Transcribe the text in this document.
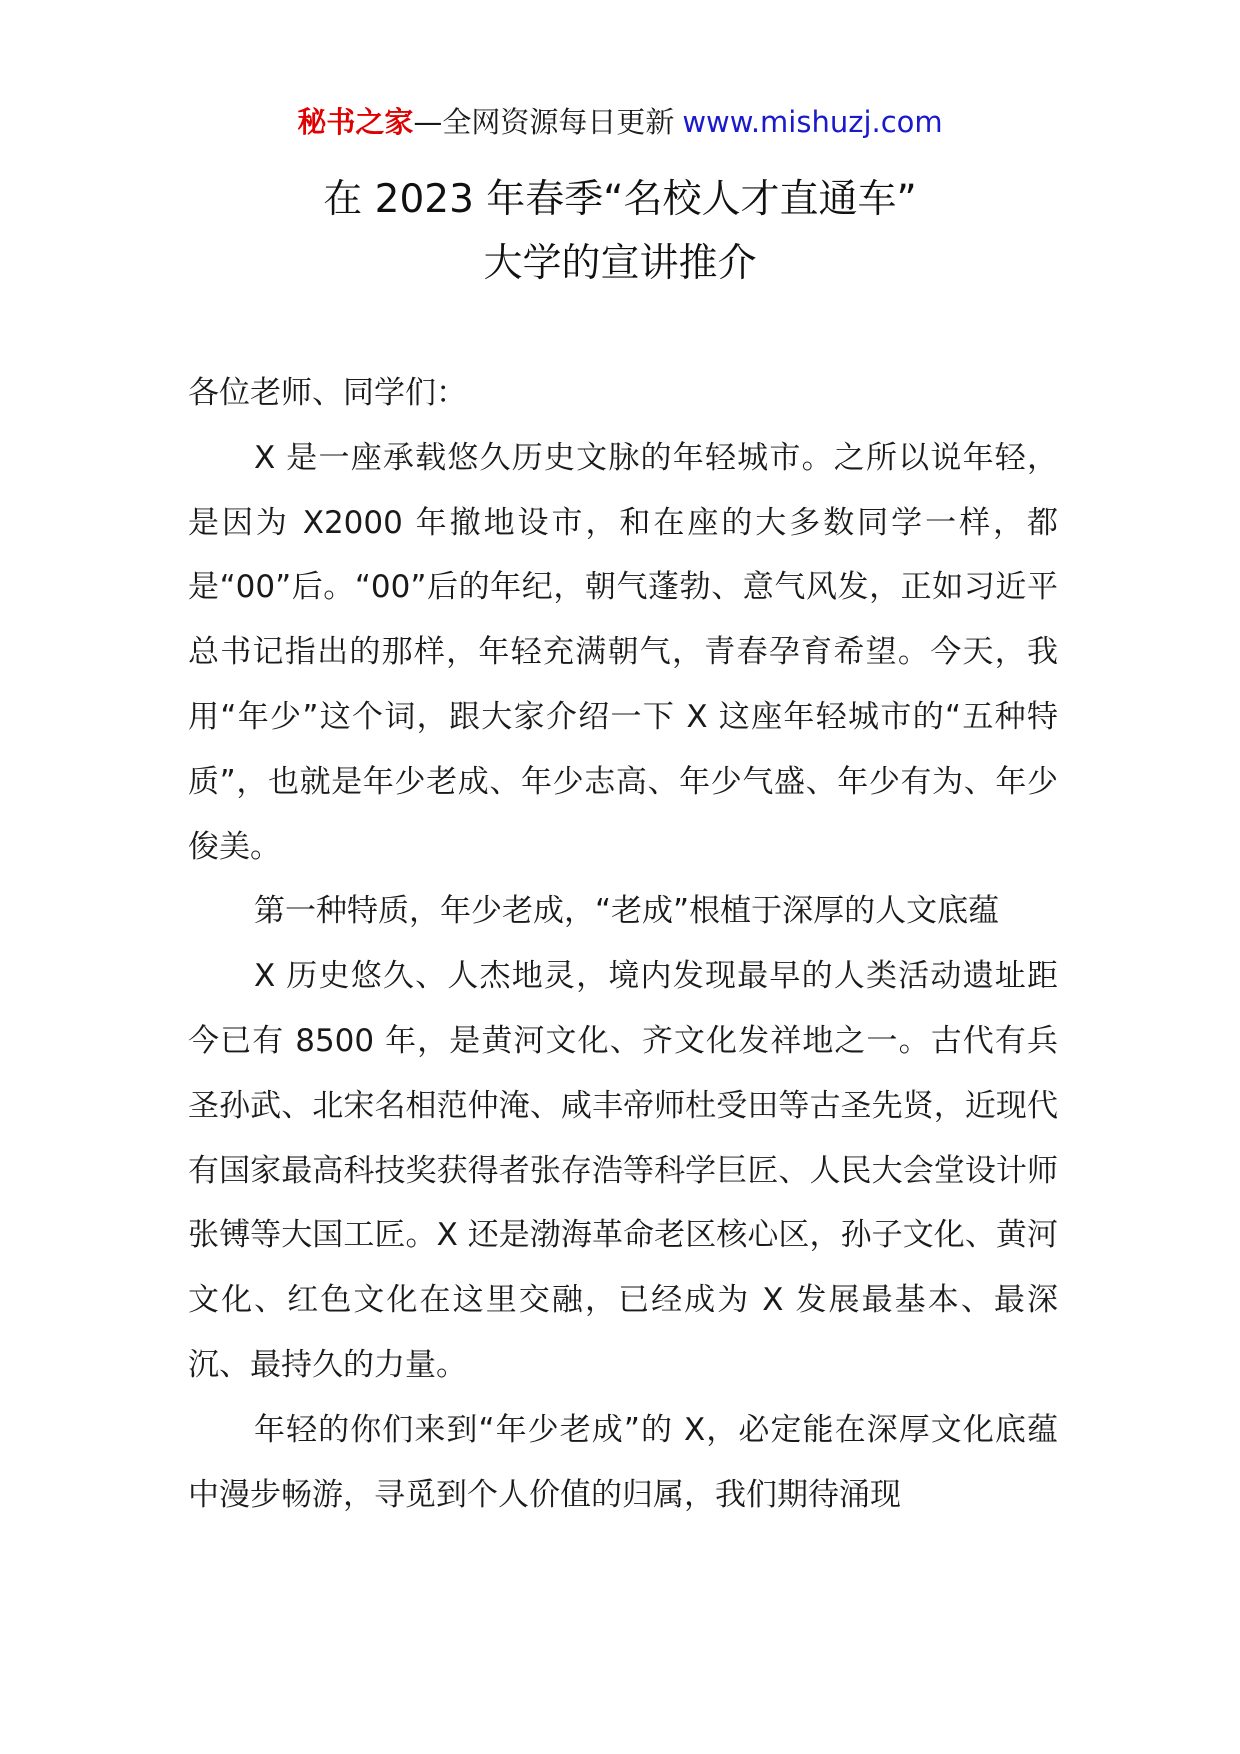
秘书之家—全网资源每日更新 www.mishuzj.com
在 2023 年春季“名校人才直通车”
大学的宣讲推介

各位老师、同学们：

X 是一座承载悠久历史文脉的年轻城市。之所以说年轻，是因为 X2000 年撤地设市，和在座的大多数同学一样，都是“00”后。“00”后的年纪，朝气蓬勃、意气风发，正如习近平总书记指出的那样，年轻充满朝气，青春孕育希望。今天，我用“年少”这个词，跟大家介绍一下 X 这座年轻城市的“五种特质”，也就是年少老成、年少志高、年少气盛、年少有为、年少俊美。

第一种特质，年少老成，“老成”根植于深厚的人文底蕴

X 历史悠久、人杰地灵，境内发现最早的人类活动遗址距今已有 8500 年，是黄河文化、齐文化发祥地之一。古代有兵圣孙武、北宋名相范仲淹、咸丰帝师杜受田等古圣先贤，近现代有国家最高科技奖获得者张存浩等科学巨匠、人民大会堂设计师张镈等大国工匠。X 还是渤海革命老区核心区，孙子文化、黄河文化、红色文化在这里交融，已经成为 X 发展最基本、最深沉、最持久的力量。

年轻的你们来到“年少老成”的 X，必定能在深厚文化底蕴中漫步畅游，寻觅到个人价值的归属，我们期待涌现
